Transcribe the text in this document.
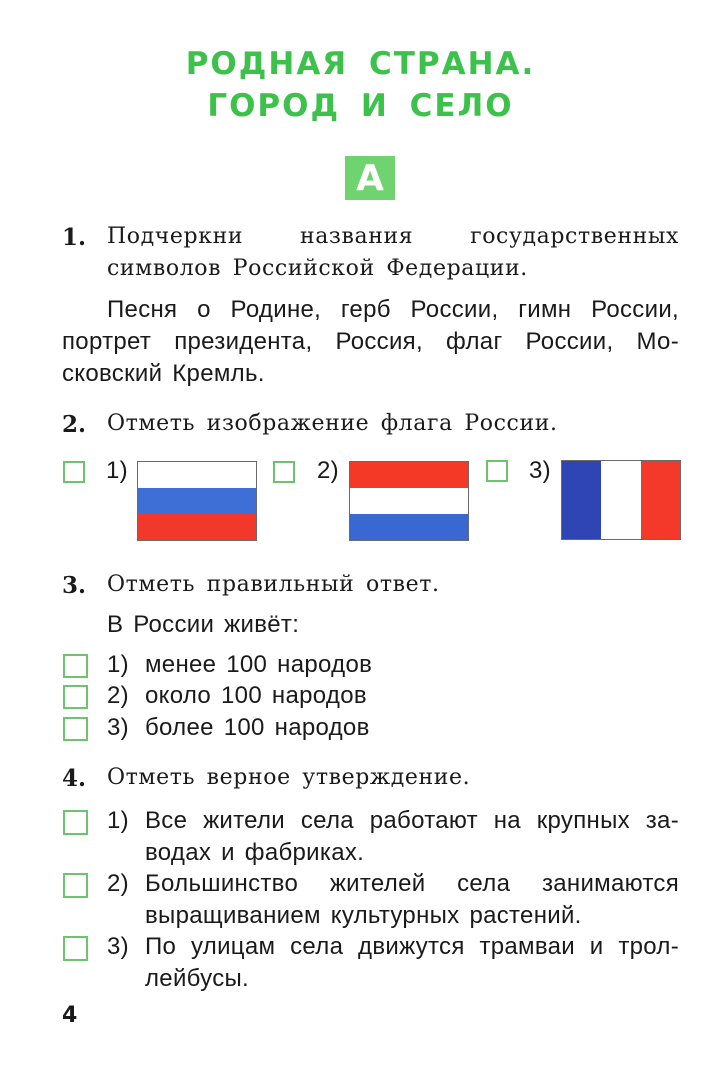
РОДНАЯ СТРАНА.
ГОРОД И СЕЛО
А
1. Подчеркни названия государственных
символов Российской Федерации.
Песня о Родине, герб России, гимн России,
портрет президента, Россия, флаг России, Мо-
сковский Кремль.
2. Отметь изображение флага России.
1)	2)	3)
3. Отметь правильный ответ.
В России живёт:
1) менее 100 народов
2) около 100 народов
3) более 100 народов
4. Отметь верное утверждение.
1) Все жители села работают на крупных за-
водах и фабриках.
2) Большинство жителей села занимаются
выращиванием культурных растений.
3) По улицам села движутся трамваи и трол-
лейбусы.
4
